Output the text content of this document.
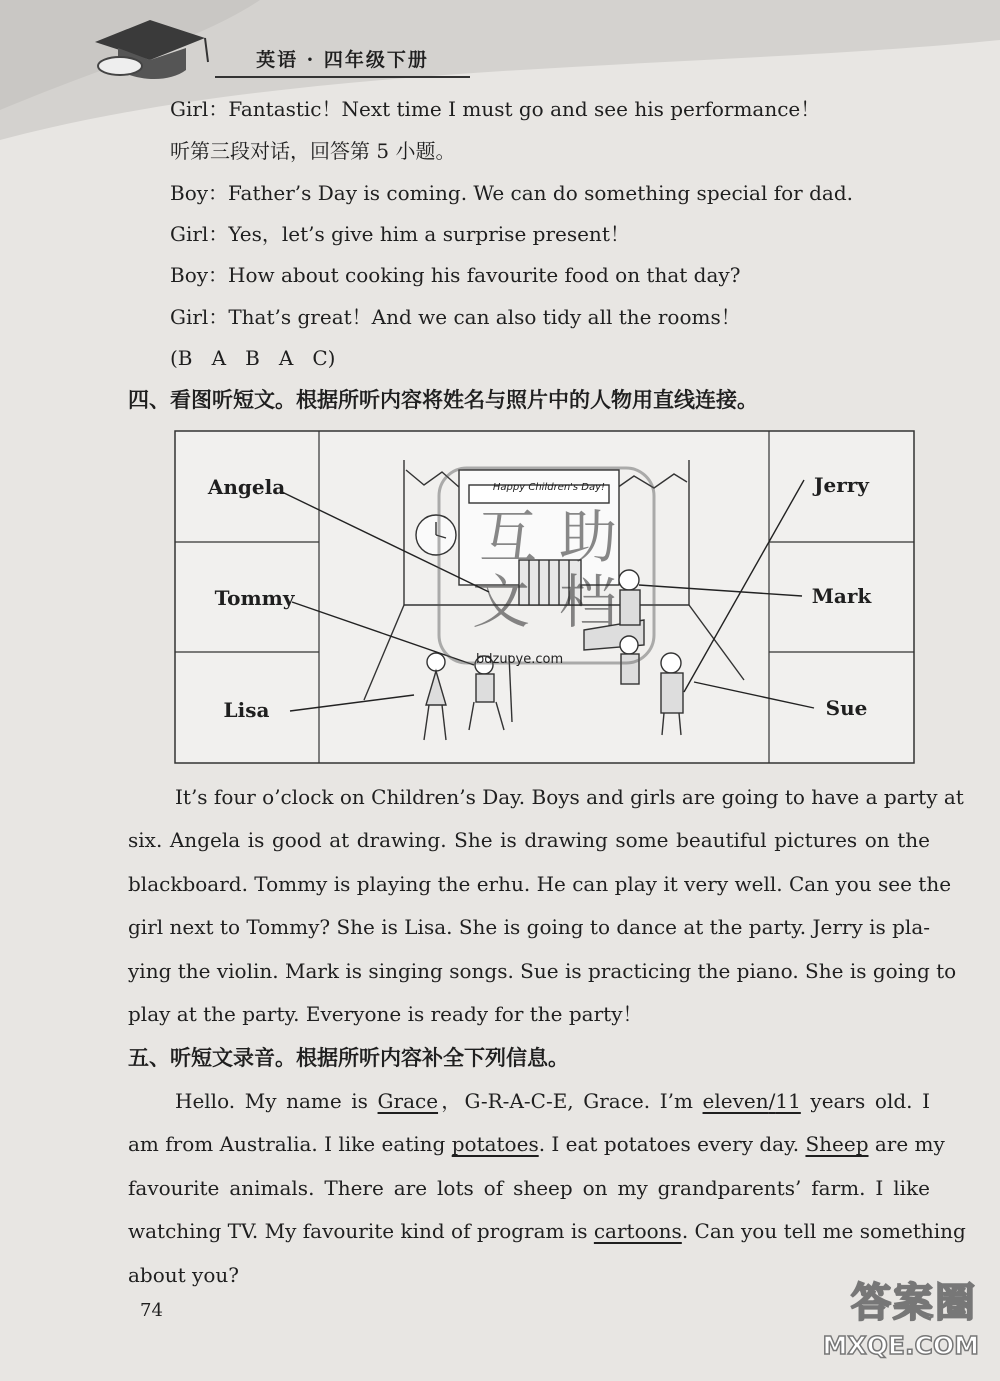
英语 · 四年级下册
Girl：Fantastic！Next time I must go and see his performance！
听第三段对话，回答第 5 小题。
Boy：Father’s Day is coming. We can do something special for dad.
Girl：Yes，let’s give him a surprise present！
Boy：How about cooking his favourite food on that day?
Girl：That’s great！And we can also tidy all the rooms！
(B   A   B   A   C)
四、看图听短文。根据所听内容将姓名与照片中的人物用直线连接。
Happy Children's Day!
互 助
文 档
bdzuoye.com
Angela
Tommy
Lisa
Jerry
Mark
Sue
It’s four o’clock on Children’s Day. Boys and girls are going to have a party at
six. Angela is good at drawing. She is drawing some beautiful pictures on the
blackboard. Tommy is playing the erhu. He can play it very well. Can you see the
girl next to Tommy? She is Lisa. She is going to dance at the party. Jerry is pla-
ying the violin. Mark is singing songs. Sue is practicing the piano. She is going to
play at the party. Everyone is ready for the party！
五、听短文录音。根据所听内容补全下列信息。
Hello. My name is Grace，G-R-A-C-E, Grace. I’m eleven/11 years old. I
am from Australia. I like eating potatoes. I eat potatoes every day. Sheep are my
favourite animals. There are lots of sheep on my grandparents’ farm. I like
watching TV. My favourite kind of program is cartoons. Can you tell me something
about you?
74	答案圈
MXQE.COM
